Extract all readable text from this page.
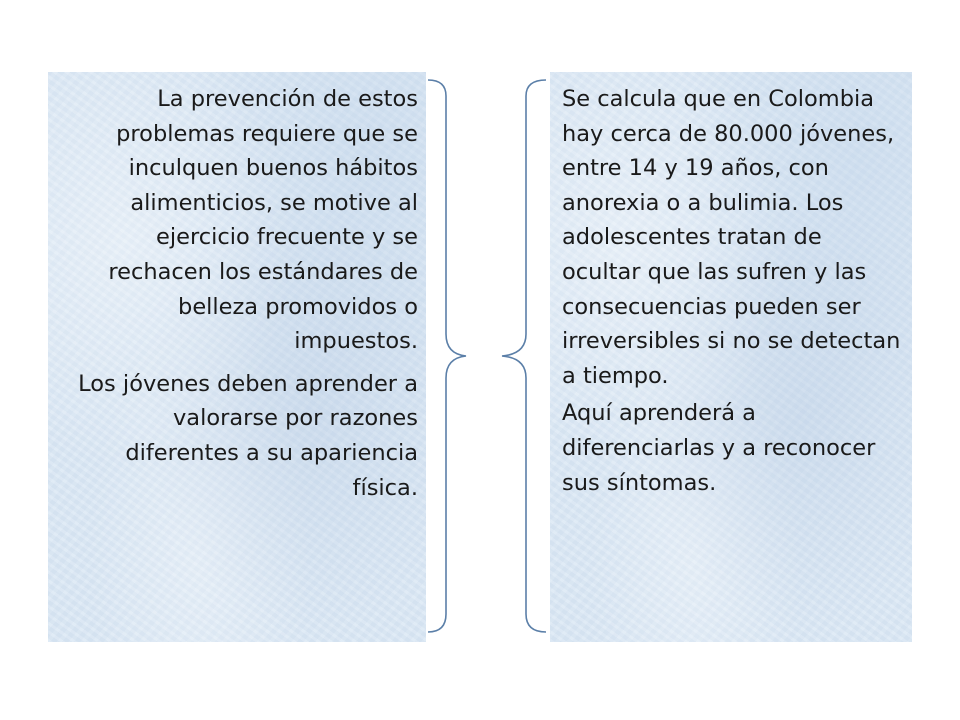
La prevención de estos problemas requiere que se inculquen buenos hábitos alimenticios, se motive al ejercicio frecuente y se rechacen los estándares de belleza promovidos o impuestos.

Los jóvenes deben aprender a valorarse por razones diferentes a su apariencia física.

Se calcula que en Colombia hay cerca de 80.000 jóvenes, entre 14 y 19 años, con anorexia o a bulimia. Los adolescentes tratan de ocultar que las sufren y las consecuencias pueden ser irreversibles si no se detectan a tiempo.

Aquí aprenderá a diferenciarlas y a reconocer sus síntomas.
